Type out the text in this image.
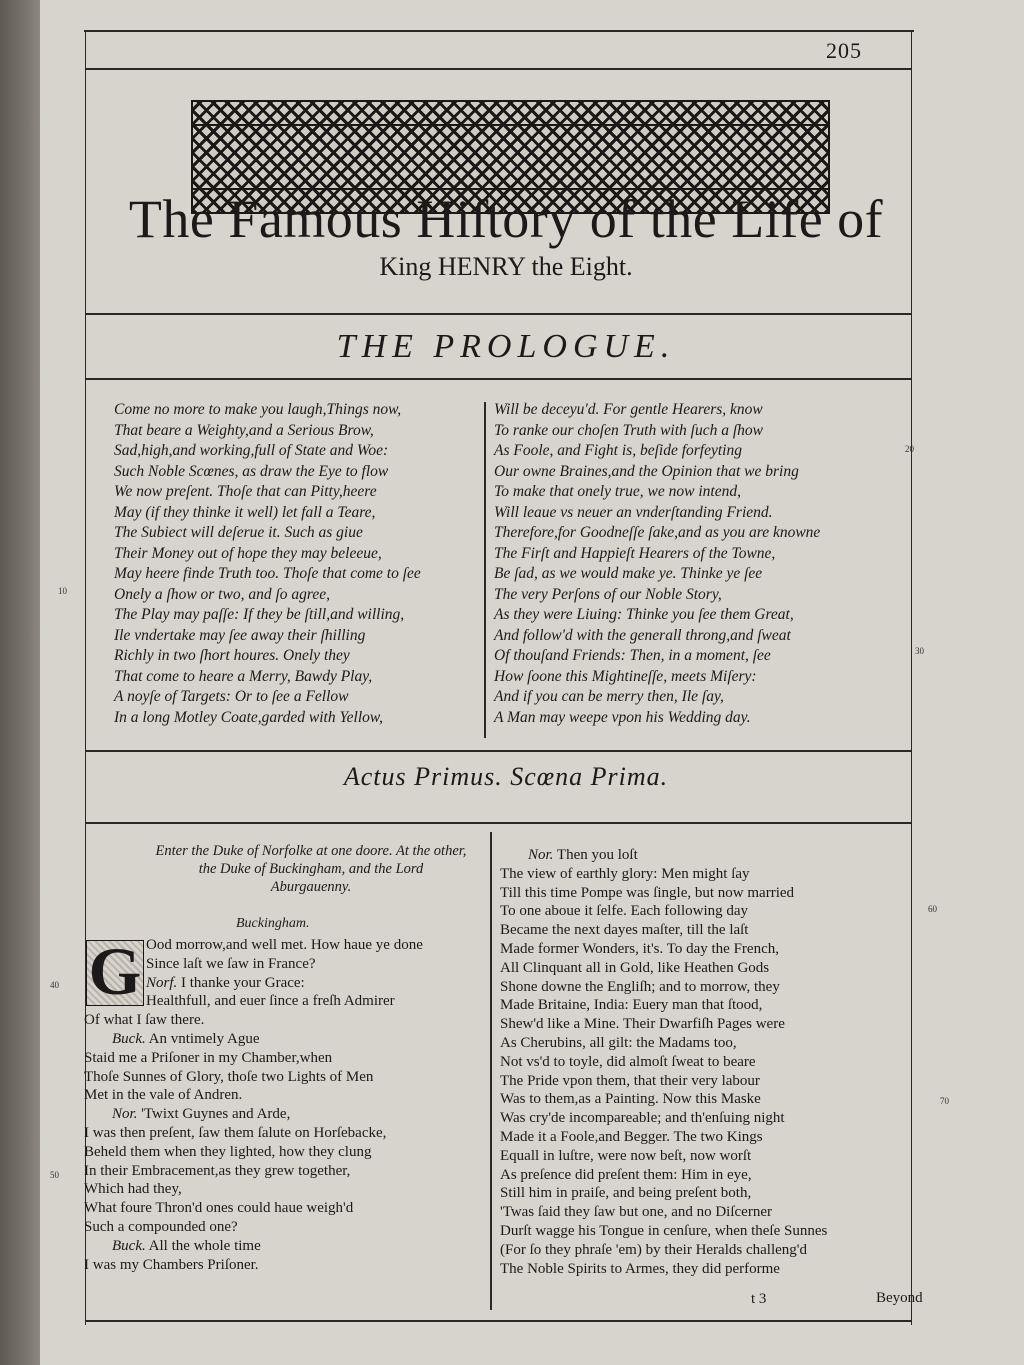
205
The Famous Hiſtory of the Life of
King HENRY the Eight.
THE PROLOGUE.
Come no more to make you laugh,Things now,
That beare a Weighty,and a Serious Brow,
Sad,high,and working,full of State and Woe:
Such Noble Scœnes, as draw the Eye to flow
We now preſent. Thoſe that can Pitty,heere
May (if they thinke it well) let fall a Teare,
The Subiect will deſerue it. Such as giue
Their Money out of hope they may beleeue,
May heere finde Truth too. Thoſe that come to ſee
Onely a ſhow or two, and ſo agree,
The Play may paſſe: If they be ſtill,and willing,
Ile vndertake may ſee away their ſhilling
Richly in two ſhort houres. Onely they
That come to heare a Merry, Bawdy Play,
A noyſe of Targets: Or to ſee a Fellow
In a long Motley Coate,garded with Yellow,
Will be deceyu'd. For gentle Hearers, know
To ranke our choſen Truth with ſuch a ſhow
As Foole, and Fight is, beſide forfeyting
Our owne Braines,and the Opinion that we bring
To make that onely true, we now intend,
Will leaue vs neuer an vnderſtanding Friend.
Therefore,for Goodneſſe ſake,and as you are knowne
The Firſt and Happieſt Hearers of the Towne,
Be ſad, as we would make ye. Thinke ye ſee
The very Perſons of our Noble Story,
As they were Liuing: Thinke you ſee them Great,
And follow'd with the generall throng,and ſweat
Of thouſand Friends: Then, in a moment, ſee
How ſoone this Mightineſſe, meets Miſery:
And if you can be merry then, Ile ſay,
A Man may weepe vpon his Wedding day.
Actus Primus. Scœna Prima.
Enter the Duke of Norfolke at one doore. At the other,
the Duke of Buckingham, and the Lord
Aburgauenny.
Buckingham.
G Ood morrow,and well met. How haue ye done
Since laſt we ſaw in France?
Norf. I thanke your Grace:
Healthfull, and euer ſince a freſh Admirer
Of what I ſaw there.
Buck. An vntimely Ague
Staid me a Priſoner in my Chamber,when
Thoſe Sunnes of Glory, thoſe two Lights of Men
Met in the vale of Andren.
Nor. 'Twixt Guynes and Arde,
I was then preſent, ſaw them ſalute on Horſebacke,
Beheld them when they lighted, how they clung
In their Embracement,as they grew together,
Which had they,
What foure Thron'd ones could haue weigh'd
Such a compounded one?
Buck. All the whole time
I was my Chambers Priſoner.
Nor. Then you loſt
The view of earthly glory: Men might ſay
Till this time Pompe was ſingle, but now married
To one aboue it ſelfe. Each following day
Became the next dayes maſter, till the laſt
Made former Wonders, it's. To day the French,
All Clinquant all in Gold, like Heathen Gods
Shone downe the Engliſh; and to morrow, they
Made Britaine, India: Euery man that ſtood,
Shew'd like a Mine. Their Dwarfiſh Pages were
As Cherubins, all gilt: the Madams too,
Not vs'd to toyle, did almoſt ſweat to beare
The Pride vpon them, that their very labour
Was to them,as a Painting. Now this Maske
Was cry'de incompareable; and th'enſuing night
Made it a Foole,and Begger. The two Kings
Equall in luſtre, were now beſt, now worſt
As preſence did preſent them: Him in eye,
Still him in praiſe, and being preſent both,
'Twas ſaid they ſaw but one, and no Diſcerner
Durſt wagge his Tongue in cenſure, when theſe Sunnes
(For ſo they phraſe 'em) by their Heralds challeng'd
The Noble Spirits to Armes, they did performe
t 3	Beyond
10
40
50
20
30
60
70
